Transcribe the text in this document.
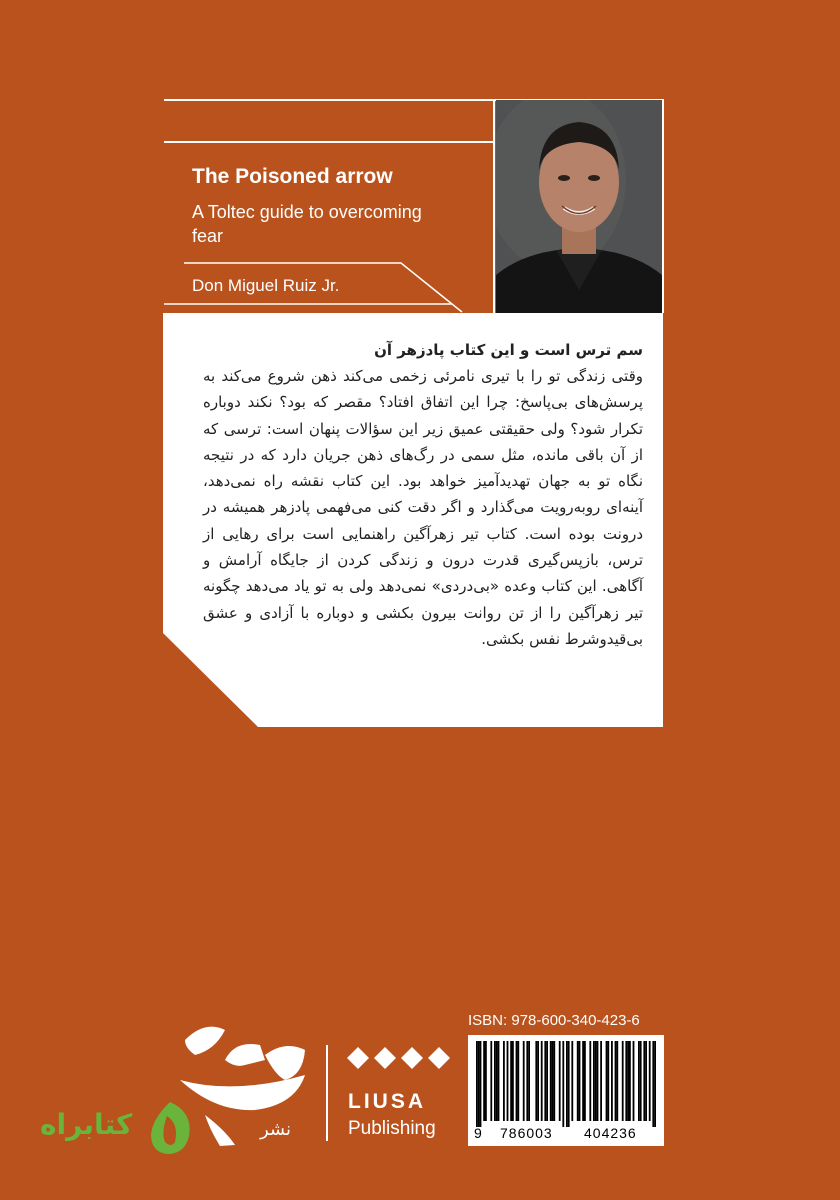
The Poisoned arrow
A Toltec guide to overcoming fear
Don Miguel Ruiz Jr.
سم ترس است و این کتاب پادزهر آن
وقتی زندگی تو را با تیری نامرئی زخمی می‌کند ذهن شروع می‌کند به پرسش‌های بی‌پاسخ: چرا این اتفاق افتاد؟ مقصر که بود؟ نکند دوباره تکرار شود؟ ولی حقیقتی عمیق زیر این سؤالات پنهان است: ترسی که از آن باقی مانده، مثل سمی در رگ‌های ذهن جریان دارد که در نتیجه نگاه تو به جهان تهدیدآمیز خواهد بود. این کتاب نقشه راه نمی‌دهد، آینه‌ای روبه‌رویت می‌گذارد و اگر دقت کنی می‌فهمی پادزهر همیشه در درونت بوده است. کتاب تیر زهرآگین راهنمایی است برای رهایی از ترس، بازپس‌گیری قدرت درون و زندگی کردن از جایگاه آرامش و آگاهی. این کتاب وعده «بی‌دردی» نمی‌دهد ولی به تو یاد می‌دهد چگونه تیر زهرآگین را از تن روانت بیرون بکشی و دوباره با آزادی و عشق بی‌قیدوشرط نفس بکشی.
ISBN: 978-600-340-423-6
9 786003 404236
LIUSA
Publishing
نشر
کتابراه
